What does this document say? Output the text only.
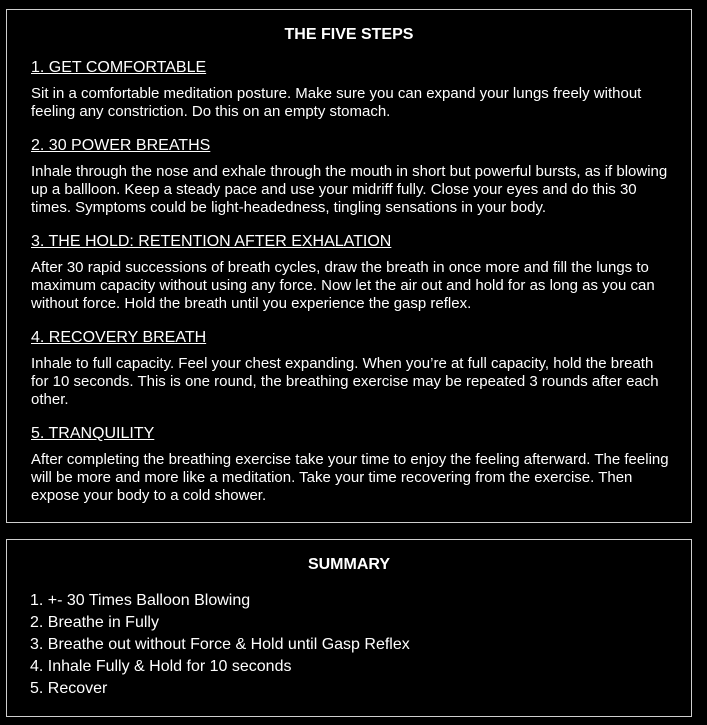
THE FIVE STEPS

1. GET COMFORTABLE

Sit in a comfortable meditation posture. Make sure you can expand your lungs freely without feeling any constriction. Do this on an empty stomach.

2. 30 POWER BREATHS

Inhale through the nose and exhale through the mouth in short but powerful bursts, as if blowing up a ballloon. Keep a steady pace and use your midriff fully. Close your eyes and do this 30 times. Symptoms could be light-headedness, tingling sensations in your body.

3. THE HOLD: RETENTION AFTER EXHALATION

After 30 rapid successions of breath cycles, draw the breath in once more and fill the lungs to maximum capacity without using any force. Now let the air out and hold for as long as you can without force. Hold the breath until you experience the gasp reflex.

4. RECOVERY BREATH

Inhale to full capacity. Feel your chest expanding. When you’re at full capacity, hold the breath for 10 seconds. This is one round, the breathing exercise may be repeated 3 rounds after each other.

5. TRANQUILITY

After completing the breathing exercise take your time to enjoy the feeling afterward. The feeling will be more and more like a meditation. Take your time recovering from the exercise. Then expose your body to a cold shower.

SUMMARY
1. +- 30 Times Balloon Blowing
2. Breathe in Fully
3. Breathe out without Force & Hold until Gasp Reflex
4. Inhale Fully & Hold for 10 seconds
5. Recover
